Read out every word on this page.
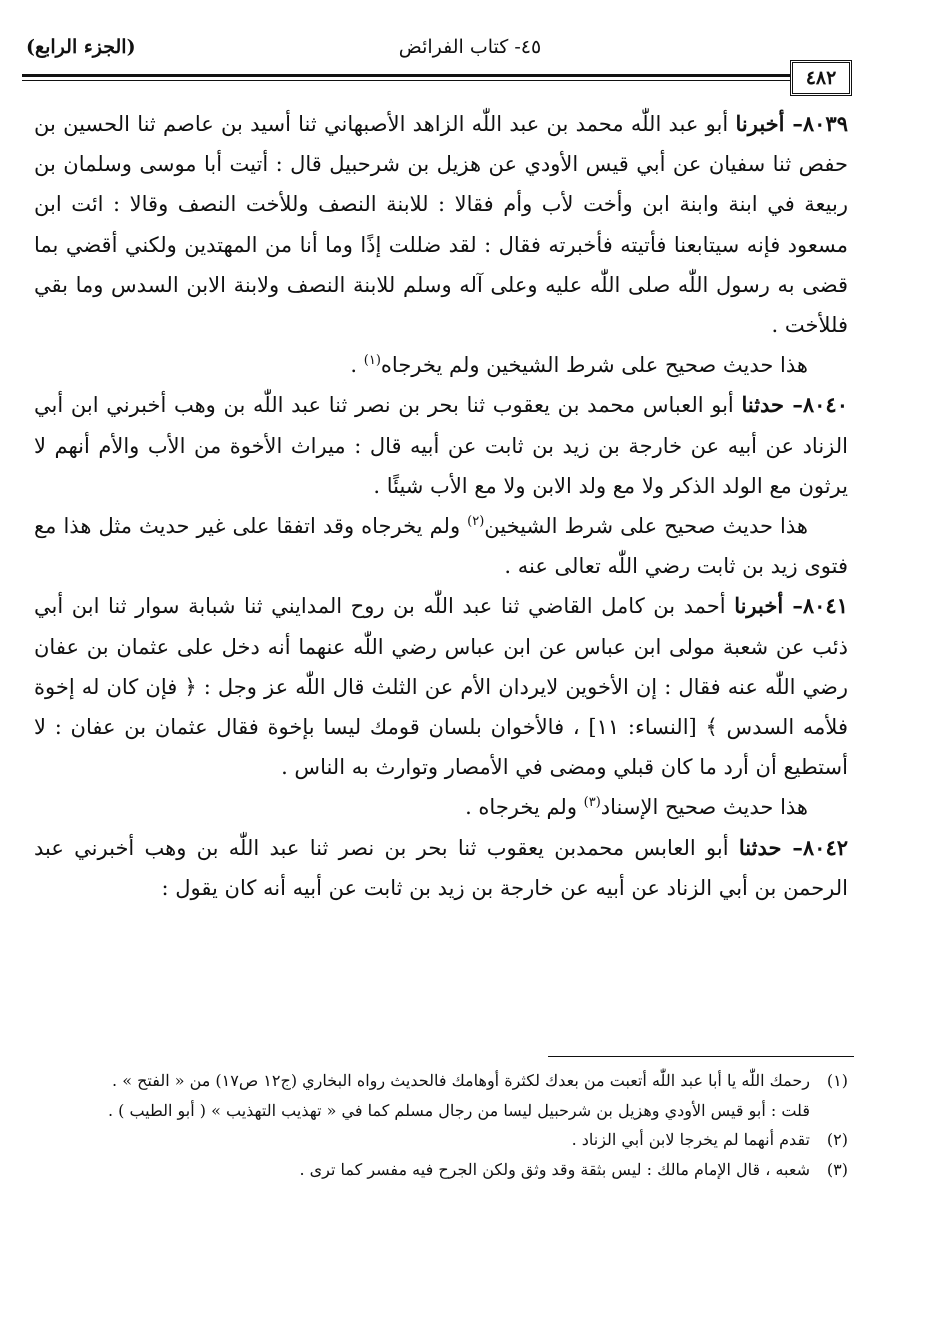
٤٥- كتاب الفرائض
(الجزء الرابع)
٤٨٢

٨٠٣٩– أخبرنا أبو عبد اللّٰه محمد بن عبد اللّٰه الزاهد الأصبهاني ثنا أسيد بن عاصم ثنا الحسين بن حفص ثنا سفيان عن أبي قيس الأودي عن هزيل بن شرحبيل قال : أتيت أبا موسى وسلمان بن ربيعة في ابنة وابنة ابن وأخت لأب وأم فقالا : للابنة النصف وللأخت النصف وقالا : ائت ابن مسعود فإنه سيتابعنا فأتيته فأخبرته فقال : لقد ضللت إذًا وما أنا من المهتدين ولكني أقضي بما قضى به رسول اللّٰه صلى اللّٰه عليه وعلى آله وسلم للابنة النصف ولابنة الابن السدس وما بقي فللأخت .

هذا حديث صحيح على شرط الشيخين ولم يخرجاه$^{(١)}$ .

٨٠٤٠– حدثنا أبو العباس محمد بن يعقوب ثنا بحر بن نصر ثنا عبد اللّٰه بن وهب أخبرني ابن أبي الزناد عن أبيه عن خارجة بن زيد بن ثابت عن أبيه قال : ميراث الأخوة من الأب والأم أنهم لا يرثون مع الولد الذكر ولا مع ولد الابن ولا مع الأب شيئًا .

هذا حديث صحيح على شرط الشيخين$^{(٢)}$ ولم يخرجاه وقد اتفقا على غير حديث مثل هذا مع فتوى زيد بن ثابت رضي اللّٰه تعالى عنه .

٨٠٤١– أخبرنا أحمد بن كامل القاضي ثنا عبد اللّٰه بن روح المدايني ثنا شبابة سوار ثنا ابن أبي ذئب عن شعبة مولى ابن عباس عن ابن عباس رضي اللّٰه عنهما أنه دخل على عثمان بن عفان رضي اللّٰه عنه فقال : إن الأخوين لايردان الأم عن الثلث قال اللّٰه عز وجل : ﴿ فإن كان له إخوة فلأمه السدس ﴾ [النساء: ١١] ، فالأخوان بلسان قومك ليسا بإخوة فقال عثمان بن عفان : لا أستطيع أن أرد ما كان قبلي ومضى في الأمصار وتوارث به الناس .

هذا حديث صحيح الإسناد$^{(٣)}$ ولم يخرجاه .

٨٠٤٢– حدثنا أبو العابس محمدبن يعقوب ثنا بحر بن نصر ثنا عبد اللّٰه بن وهب أخبرني عبد الرحمن بن أبي الزناد عن أبيه عن خارجة بن زيد بن ثابت عن أبيه أنه كان يقول :

(١)رحمك اللّٰه يا أبا عبد اللّٰه أتعبت من بعدك لكثرة أوهامك فالحديث رواه البخاري (ج١٢ ص١٧) من « الفتح » .

قلت : أبو قيس الأودي وهزيل بن شرحبيل ليسا من رجال مسلم كما في « تهذيب التهذيب » ( أبو الطيب ) .

(٢)تقدم أنهما لم يخرجا لابن أبي الزناد .

(٣)شعبه ، قال الإمام مالك : ليس بثقة وقد وثق ولكن الجرح فيه مفسر كما ترى .
